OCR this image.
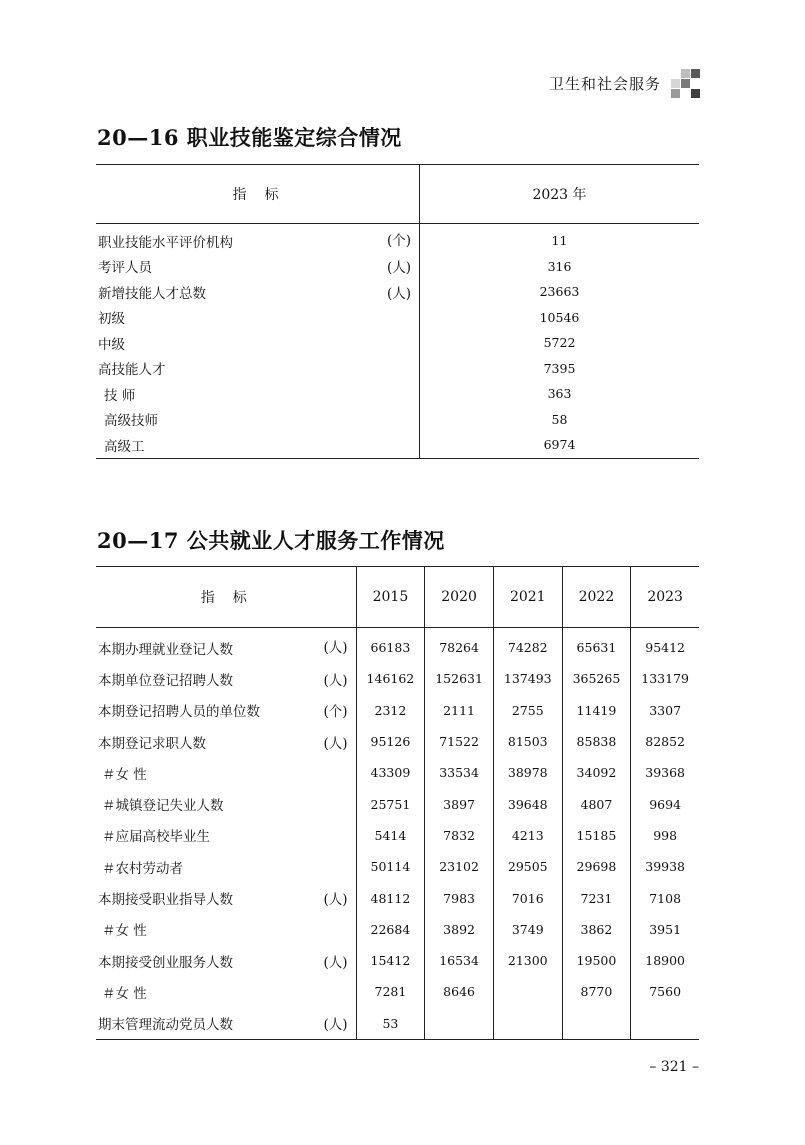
卫生和社会服务
20—16 职业技能鉴定综合情况
指标	2023 年
职业技能水平评价机构 (个)	11
考评人员 (人)	316
新增技能人才总数 (人)	23663
初级	10546
中级	5722
高技能人才	7395
技 师	363
高级技师	58
高级工	6974
20—17 公共就业人才服务工作情况
指标	2015	2020	2021	2022	2023
本期办理就业登记人数 (人)	66183	78264	74282	65631	95412
本期单位登记招聘人数 (人)	146162	152631	137493	365265	133179
本期登记招聘人员的单位数 (个)	2312	2111	2755	11419	3307
本期登记求职人数 (人)	95126	71522	81503	85838	82852
＃女 性	43309	33534	38978	34092	39368
＃城镇登记失业人数	25751	3897	39648	4807	9694
＃应届高校毕业生	5414	7832	4213	15185	998
＃农村劳动者	50114	23102	29505	29698	39938
本期接受职业指导人数 (人)	48112	7983	7016	7231	7108
＃女 性	22684	3892	3749	3862	3951
本期接受创业服务人数 (人)	15412	16534	21300	19500	18900
＃女 性	7281	8646		8770	7560
期末管理流动党员人数 (人)	53				
– 321 –
